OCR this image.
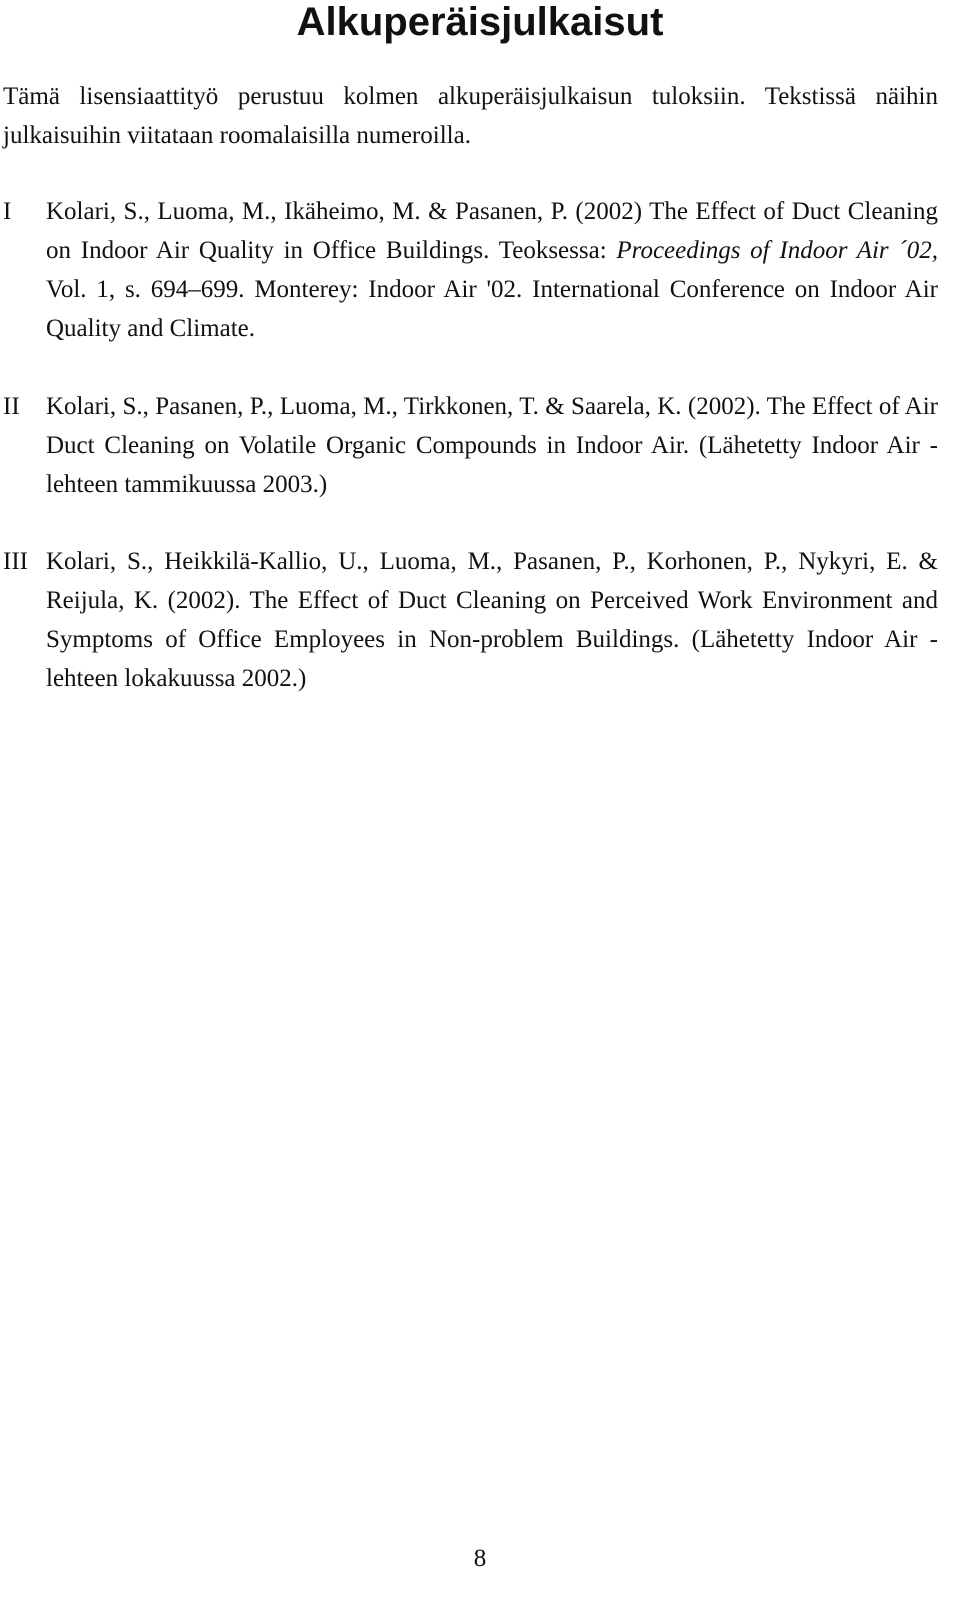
Alkuperäisjulkaisut

Tämä lisensiaattityö perustuu kolmen alkuperäisjulkaisun tuloksiin. Tekstissä näihin julkaisuihin viitataan roomalaisilla numeroilla.

I Kolari, S., Luoma, M., Ikäheimo, M. & Pasanen, P. (2002) The Effect of Duct Cleaning on Indoor Air Quality in Office Buildings. Teoksessa: Proceedings of Indoor Air ´02, Vol. 1, s. 694–699. Monterey: Indoor Air '02. International Conference on Indoor Air Quality and Climate.

II Kolari, S., Pasanen, P., Luoma, M., Tirkkonen, T. & Saarela, K. (2002). The Effect of Air Duct Cleaning on Volatile Organic Compounds in Indoor Air. (Lähetetty Indoor Air -lehteen tammikuussa 2003.)

III Kolari, S., Heikkilä-Kallio, U., Luoma, M., Pasanen, P., Korhonen, P., Nykyri, E. & Reijula, K. (2002). The Effect of Duct Cleaning on Perceived Work Environment and Symptoms of Office Employees in Non-problem Buildings. (Lähetetty Indoor Air -lehteen lokakuussa 2002.)

8
